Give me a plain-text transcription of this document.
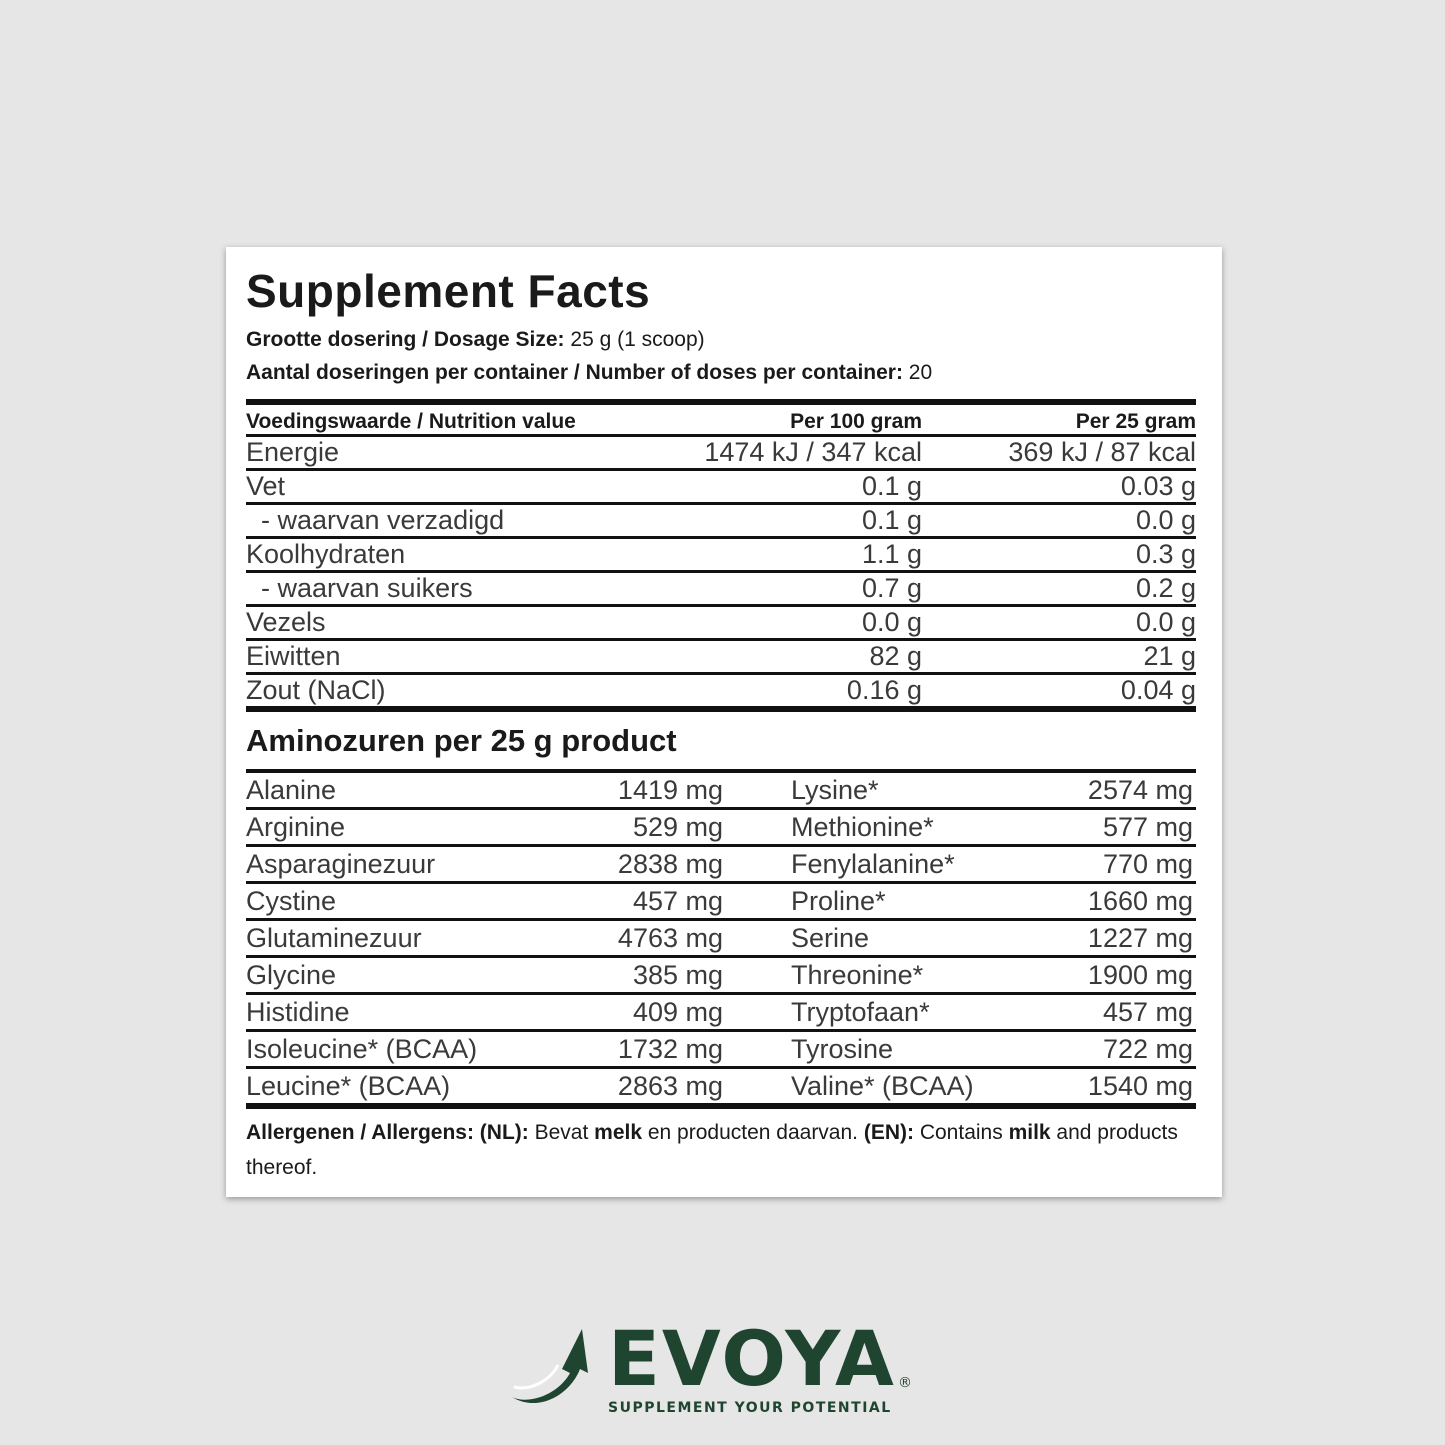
Supplement Facts
Grootte dosering / Dosage Size: 25 g (1 scoop)
Aantal doseringen per container / Number of doses per container: 20
Voedingswaarde / Nutrition value	Per 100 gram	Per 25 gram
Energie	1474 kJ / 347 kcal	369 kJ / 87 kcal
Vet	0.1 g	0.03 g
- waarvan verzadigd	0.1 g	0.0 g
Koolhydraten	1.1 g	0.3 g
- waarvan suikers	0.7 g	0.2 g
Vezels	0.0 g	0.0 g
Eiwitten	82 g	21 g
Zout (NaCl)	0.16 g	0.04 g
Aminozuren per 25 g product
Alanine	1419 mg	Lysine*	2574 mg
Arginine	529 mg	Methionine*	577 mg
Asparaginezuur	2838 mg	Fenylalanine*	770 mg
Cystine	457 mg	Proline*	1660 mg
Glutaminezuur	4763 mg	Serine	1227 mg
Glycine	385 mg	Threonine*	1900 mg
Histidine	409 mg	Tryptofaan*	457 mg
Isoleucine* (BCAA)	1732 mg	Tyrosine	722 mg
Leucine* (BCAA)	2863 mg	Valine* (BCAA)	1540 mg
Allergenen / Allergens: (NL): Bevat melk en producten daarvan. (EN): Contains milk and products thereof.
EVOYA ®
SUPPLEMENT YOUR POTENTIAL
